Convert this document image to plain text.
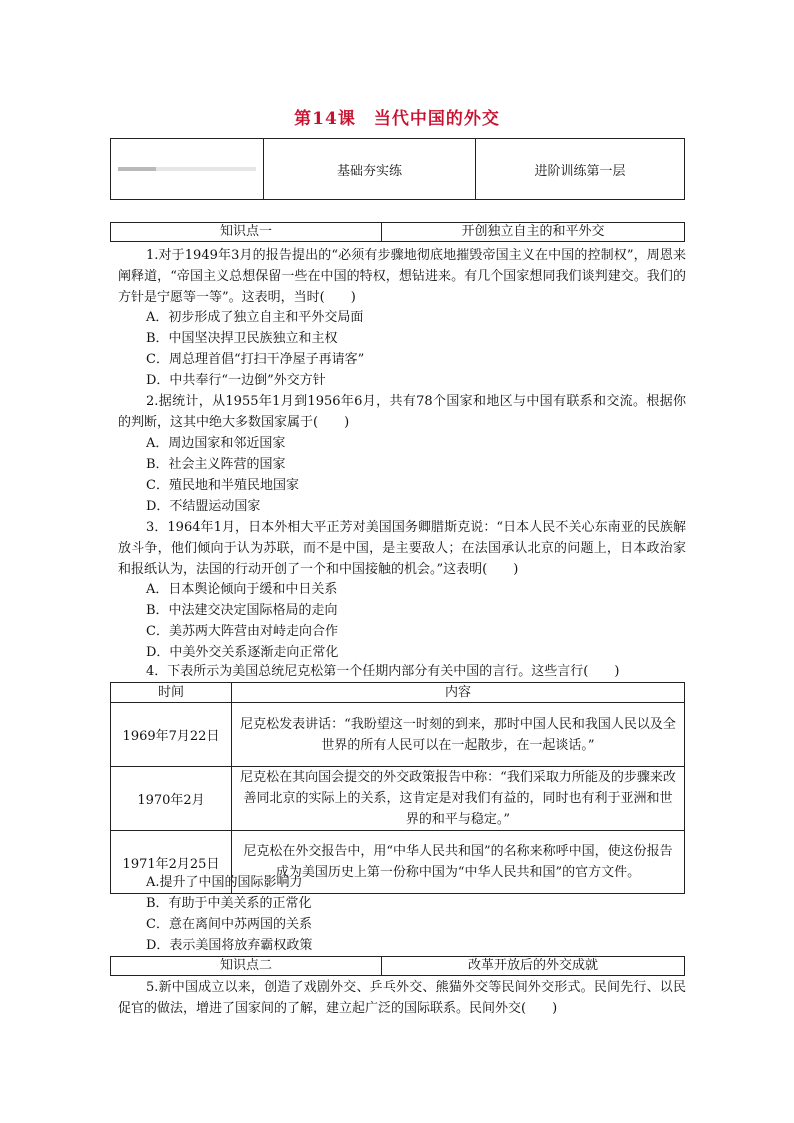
第14课　当代中国的外交
基础夯实练	进阶训练第一层
知识点一	开创独立自主的和平外交
1.对于1949年3月的报告提出的“必须有步骤地彻底地摧毁帝国主义在中国的控制权”，周恩来阐释道，“帝国主义总想保留一些在中国的特权，想钻进来。有几个国家想同我们谈判建交。我们的方针是宁愿等一等”。这表明，当时(　　)
A．初步形成了独立自主和平外交局面
B．中国坚决捍卫民族独立和主权
C．周总理首倡“打扫干净屋子再请客”
D．中共奉行“一边倒”外交方针
2.据统计，从1955年1月到1956年6月，共有78个国家和地区与中国有联系和交流。根据你的判断，这其中绝大多数国家属于(　　)
A．周边国家和邻近国家
B．社会主义阵营的国家
C．殖民地和半殖民地国家
D．不结盟运动国家
3．1964年1月，日本外相大平正芳对美国国务卿腊斯克说：“日本人民不关心东南亚的民族解放斗争，他们倾向于认为苏联，而不是中国，是主要敌人；在法国承认北京的问题上，日本政治家和报纸认为，法国的行动开创了一个和中国接触的机会。”这表明(　　)
A．日本舆论倾向于缓和中日关系
B．中法建交决定国际格局的走向
C．美苏两大阵营由对峙走向合作
D．中美外交关系逐渐走向正常化
4．下表所示为美国总统尼克松第一个任期内部分有关中国的言行。这些言行(　　)
时间	内容
1969年7月22日	尼克松发表讲话：“我盼望这一时刻的到来，那时中国人民和我国人民以及全世界的所有人民可以在一起散步，在一起谈话。”
1970年2月	尼克松在其向国会提交的外交政策报告中称：“我们采取力所能及的步骤来改善同北京的实际上的关系，这肯定是对我们有益的，同时也有利于亚洲和世界的和平与稳定。”
1971年2月25日	尼克松在外交报告中，用“中华人民共和国”的名称来称呼中国，使这份报告成为美国历史上第一份称中国为“中华人民共和国”的官方文件。
A.提升了中国的国际影响力
B．有助于中美关系的正常化
C．意在离间中苏两国的关系
D．表示美国将放弃霸权政策
知识点二	改革开放后的外交成就
5.新中国成立以来，创造了戏剧外交、乒乓外交、熊猫外交等民间外交形式。民间先行、以民促官的做法，增进了国家间的了解，建立起广泛的国际联系。民间外交(　　)
